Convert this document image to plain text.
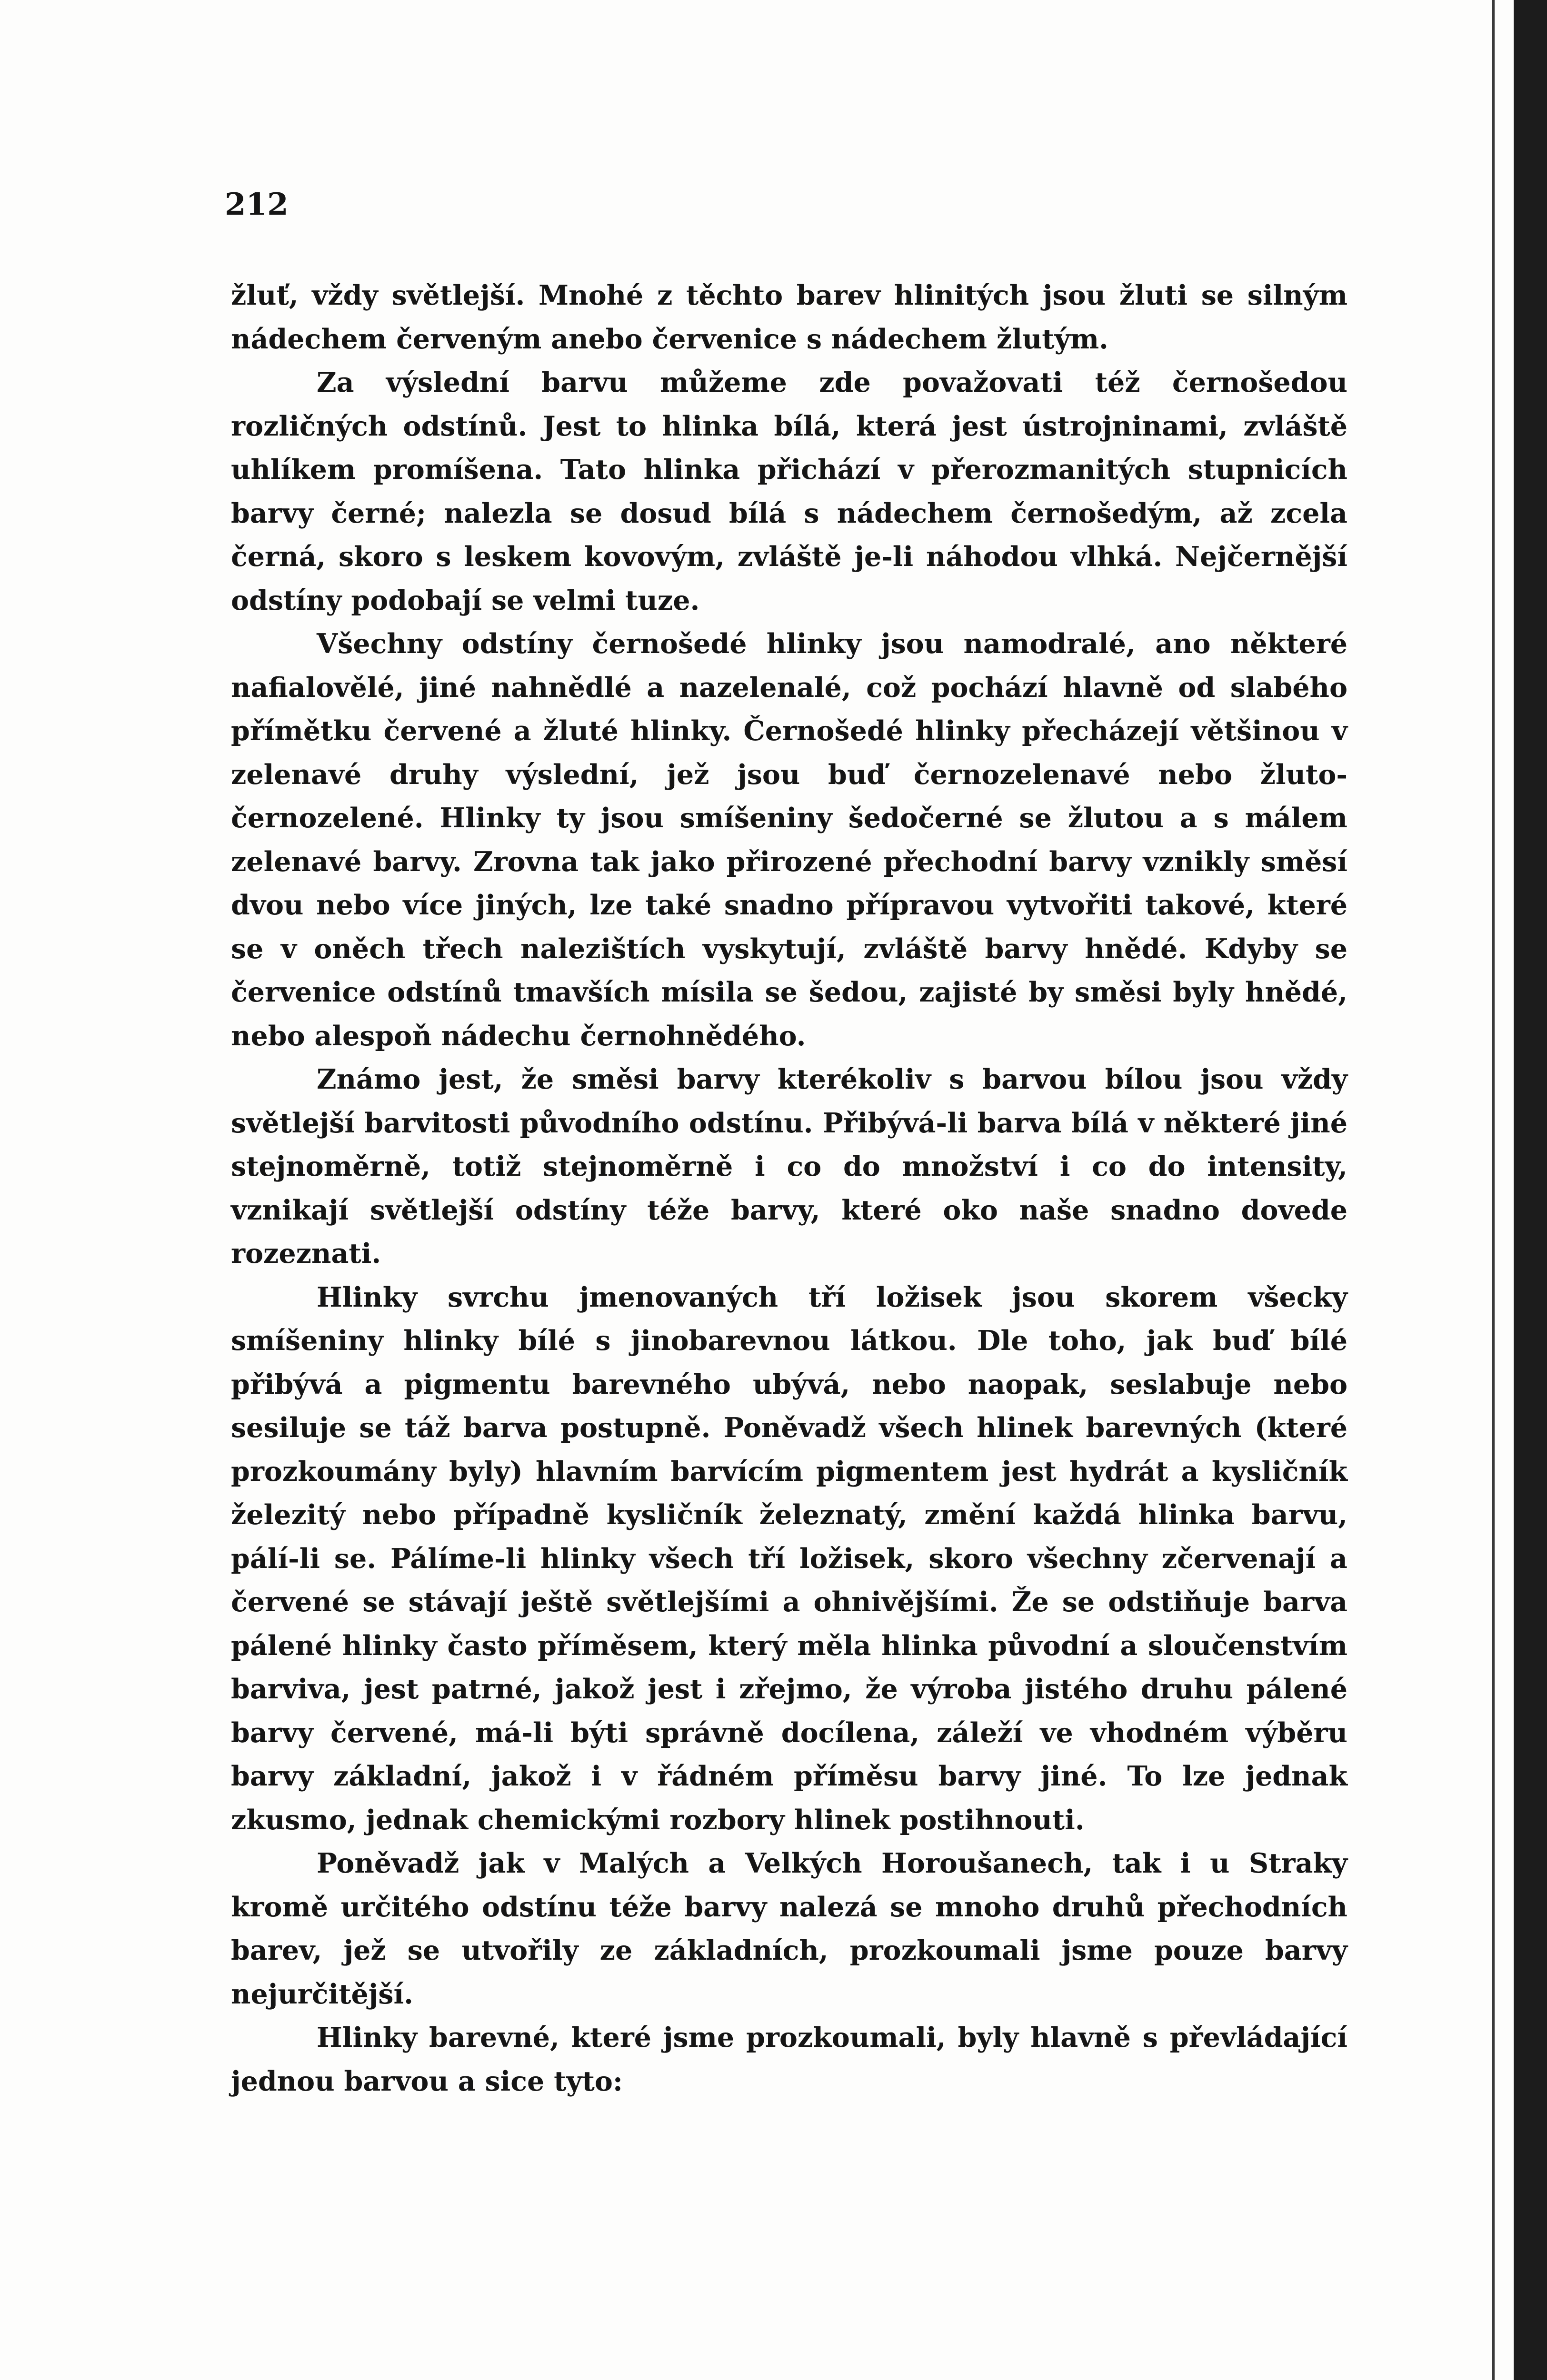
212

žluť, vždy světlejší. Mnohé z těchto barev hlinitých jsou žluti se silným nádechem červeným anebo červenice s nádechem žlutým.

Za výslední barvu můžeme zde považovati též černošedou rozličných odstínů. Jest to hlinka bílá, která jest ústrojninami, zvláště uhlíkem promíšena. Tato hlinka přichází v přerozmanitých stupnicích barvy černé; nalezla se dosud bílá s nádechem černošedým, až zcela černá, skoro s leskem kovovým, zvláště je-li náhodou vlhká. Nejčernější odstíny podobají se velmi tuze.

Všechny odstíny černošedé hlinky jsou namodralé, ano některé nafialovělé, jiné nahnědlé a nazelenalé, což pochází hlavně od slabého přímětku červené a žluté hlinky. Černošedé hlinky přecházejí většinou v zelenavé druhy výslední, jež jsou buď černozelenavé nebo žluto-černozelené. Hlinky ty jsou smíšeniny šedočerné se žlutou a s málem zelenavé barvy. Zrovna tak jako přirozené přechodní barvy vznikly směsí dvou nebo více jiných, lze také snadno přípravou vytvořiti takové, které se v oněch třech nalezištích vyskytují, zvláště barvy hnědé. Kdyby se červenice odstínů tmavších mísila se šedou, zajisté by směsi byly hnědé, nebo alespoň nádechu černohnědého.

Známo jest, že směsi barvy kterékoliv s barvou bílou jsou vždy světlejší barvitosti původního odstínu. Přibývá-li barva bílá v některé jiné stejnoměrně, totiž stejnoměrně i co do množství i co do intensity, vznikají světlejší odstíny téže barvy, které oko naše snadno dovede rozeznati.

Hlinky svrchu jmenovaných tří ložisek jsou skorem všecky smíšeniny hlinky bílé s jinobarevnou látkou. Dle toho, jak buď bílé přibývá a pigmentu barevného ubývá, nebo naopak, seslabuje nebo sesiluje se táž barva postupně. Poněvadž všech hlinek barevných (které prozkoumány byly) hlavním barvícím pigmentem jest hydrát a kysličník železitý nebo případně kysličník železnatý, změní každá hlinka barvu, pálí-li se. Pálíme-li hlinky všech tří ložisek, skoro všechny zčervenají a červené se stávají ještě světlejšími a ohnivějšími. Že se odstiňuje barva pálené hlinky často příměsem, který měla hlinka původní a sloučenstvím barviva, jest patrné, jakož jest i zřejmo, že výroba jistého druhu pálené barvy červené, má-li býti správně docílena, záleží ve vhodném výběru barvy základní, jakož i v řádném příměsu barvy jiné. To lze jednak zkusmo, jednak chemickými rozbory hlinek postihnouti.

Poněvadž jak v Malých a Velkých Horoušanech, tak i u Straky kromě určitého odstínu téže barvy nalezá se mnoho druhů přechodních barev, jež se utvořily ze základních, prozkoumali jsme pouze barvy nejurčitější.

Hlinky barevné, které jsme prozkoumali, byly hlavně s převládající jednou barvou a sice tyto:
